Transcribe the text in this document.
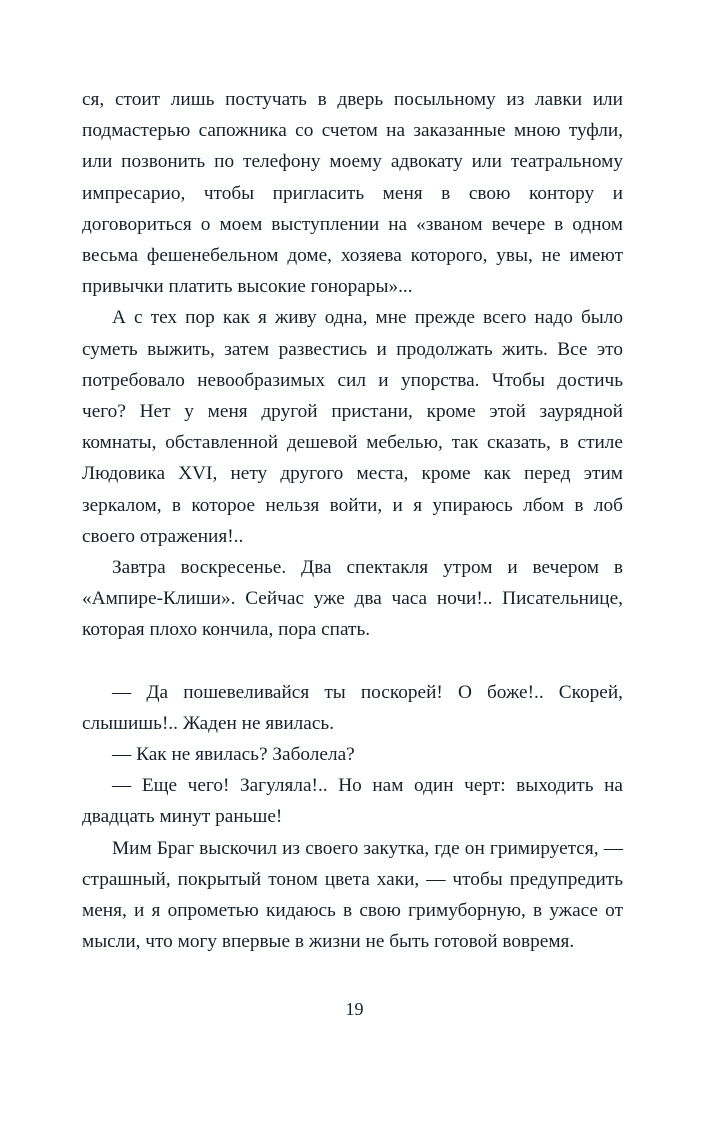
ся, стоит лишь постучать в дверь посыльному из лавки или подмастерью сапожника со счетом на заказанные мною туфли, или позвонить по телефону моему адвокату или театральному импресарио, чтобы пригласить меня в свою контору и договориться о моем выступлении на «званом вечере в одном весьма фешенебельном доме, хозяева которого, увы, не имеют привычки платить высокие гонорары»...

А с тех пор как я живу одна, мне прежде всего надо было суметь выжить, затем развестись и продолжать жить. Все это потребовало невообразимых сил и упорства. Чтобы достичь чего? Нет у меня другой пристани, кроме этой заурядной комнаты, обставленной дешевой мебелью, так сказать, в стиле Людовика XVI, нету другого места, кроме как перед этим зеркалом, в которое нельзя войти, и я упираюсь лбом в лоб своего отражения!..

Завтра воскресенье. Два спектакля утром и вечером в «Ампире-Клиши». Сейчас уже два часа ночи!.. Писательнице, которая плохо кончила, пора спать.

— Да пошевеливайся ты поскорей! О боже!.. Скорей, слышишь!.. Жаден не явилась.

— Как не явилась? Заболела?

— Еще чего! Загуляла!.. Но нам один черт: выходить на двадцать минут раньше!

Мим Браг выскочил из своего закутка, где он гримируется, — страшный, покрытый тоном цвета хаки, — чтобы предупредить меня, и я опрометью кидаюсь в свою гримуборную, в ужасе от мысли, что могу впервые в жизни не быть готовой вовремя.

19
